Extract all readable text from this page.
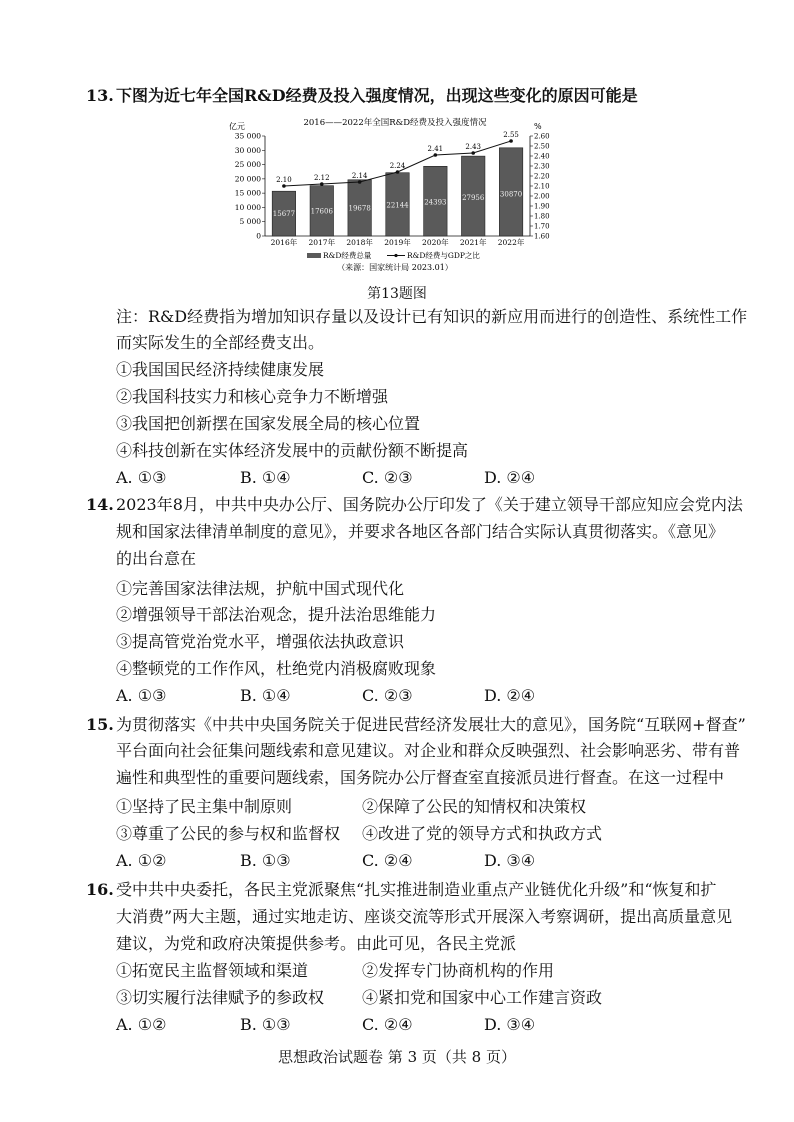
13. 下图为近七年全国R&D经费及投入强度情况，出现这些变化的原因可能是
2016——2022年全国R&D经费及投入强度情况
亿元	%
0
5 000
10 000
15 000
20 000
25 000
30 000
35 000
1.60
1.70
1.80
1.90
2.00
2.10
2.20
2.30
2.40
2.50
2.60
15677
2016年
17606
2017年
19678
2018年
22144
2019年
24393
2020年
27956
2021年
30870
2022年
2.10	2.12	2.14
2.24
2.41	2.43
2.55
R&D经费总量	R&D经费与GDP之比
（来源：国家统计局 2023.01）
第13题图
注：R&D经费指为增加知识存量以及设计已有知识的新应用而进行的创造性、系统性工作
而实际发生的全部经费支出。
①我国国民经济持续健康发展
②我国科技实力和核心竞争力不断增强
③我国把创新摆在国家发展全局的核心位置
④科技创新在实体经济发展中的贡献份额不断提高
A. ①③	B. ①④	C. ②③	D. ②④
14. 2023年8月，中共中央办公厅、国务院办公厅印发了《关于建立领导干部应知应会党内法
规和国家法律清单制度的意见》，并要求各地区各部门结合实际认真贯彻落实。《意见》
的出台意在
①完善国家法律法规，护航中国式现代化
②增强领导干部法治观念，提升法治思维能力
③提高管党治党水平，增强依法执政意识
④整顿党的工作作风，杜绝党内消极腐败现象
A. ①③	B. ①④	C. ②③	D. ②④
15. 为贯彻落实《中共中央国务院关于促进民营经济发展壮大的意见》，国务院“互联网+督查”
平台面向社会征集问题线索和意见建议。对企业和群众反映强烈、社会影响恶劣、带有普
遍性和典型性的重要问题线索，国务院办公厅督查室直接派员进行督查。在这一过程中
①坚持了民主集中制原则	②保障了公民的知情权和决策权
③尊重了公民的参与权和监督权 ④改进了党的领导方式和执政方式
A. ①②	B. ①③	C. ②④	D. ③④
16. 受中共中央委托，各民主党派聚焦“扎实推进制造业重点产业链优化升级”和“恢复和扩
大消费”两大主题，通过实地走访、座谈交流等形式开展深入考察调研，提出高质量意见
建议，为党和政府决策提供参考。由此可见，各民主党派
①拓宽民主监督领域和渠道	②发挥专门协商机构的作用
③切实履行法律赋予的参政权 ④紧扣党和国家中心工作建言资政
A. ①②	B. ①③	C. ②④	D. ③④
思想政治试题卷 第 3 页（共 8 页）
